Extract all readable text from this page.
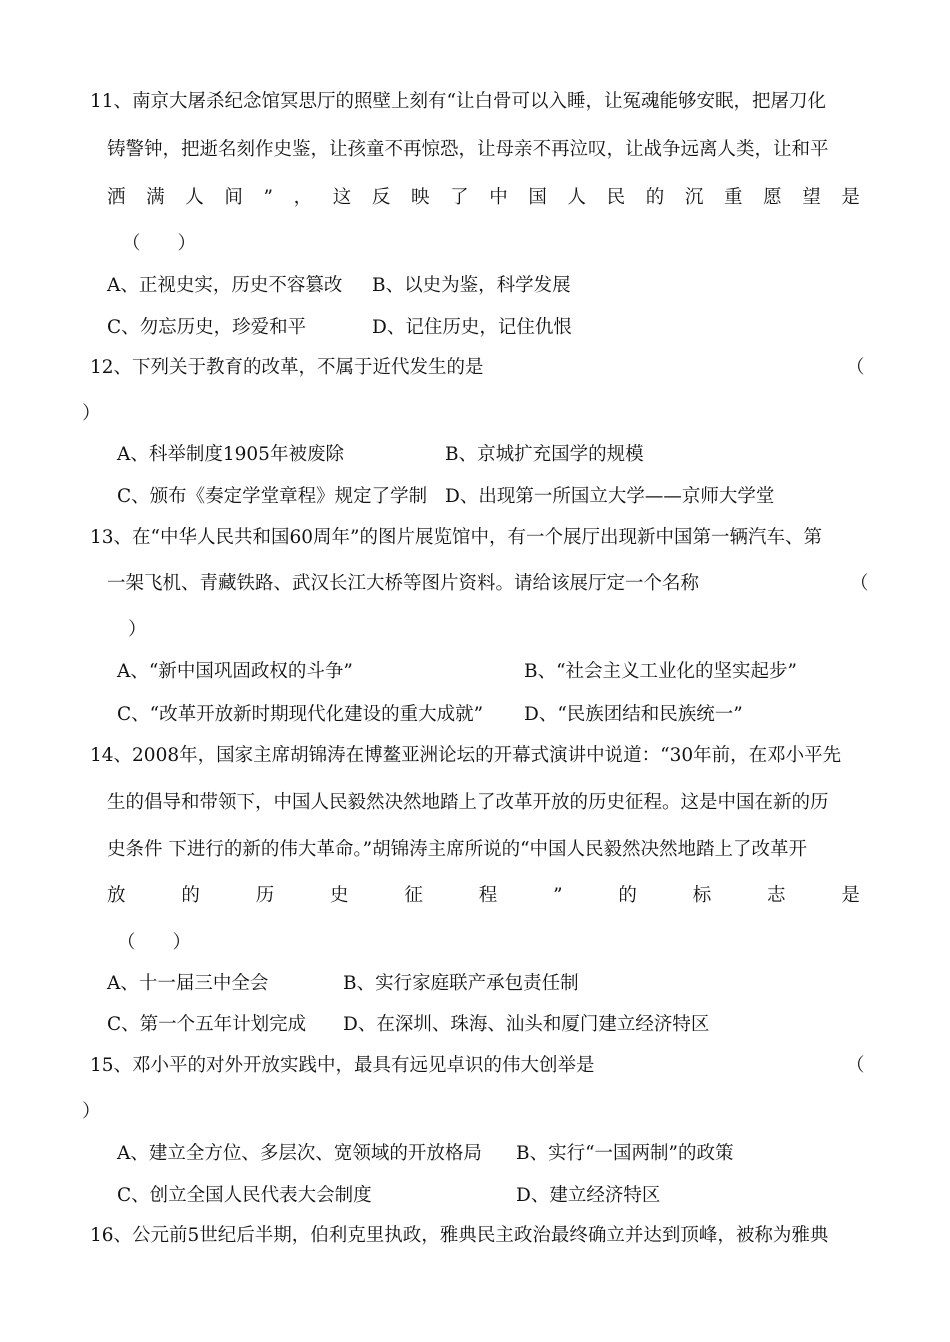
11、南京大屠杀纪念馆冥思厅的照壁上刻有“让白骨可以入睡，让冤魂能够安眠，把屠刀化
铸警钟，把逝名刻作史鉴，让孩童不再惊恐，让母亲不再泣叹，让战争远离人类，让和平
洒 满 人 间 ” ， 这 反 映 了 中 国 人 民 的 沉 重 愿 望 是
（　　）
A、正视史实，历史不容篡改 B、以史为鉴，科学发展
C、勿忘历史，珍爱和平	D、记住历史，记住仇恨
12、下列关于教育的改革，不属于近代发生的是	（
）
A、科举制度1905年被废除	B、京城扩充国学的规模
C、颁布《奏定学堂章程》规定了学制 D、出现第一所国立大学——京师大学堂
13、在“中华人民共和国60周年”的图片展览馆中，有一个展厅出现新中国第一辆汽车、第
一架飞机、青藏铁路、武汉长江大桥等图片资料。请给该展厅定一个名称	（
）
A、“新中国巩固政权的斗争”	B、“社会主义工业化的坚实起步”
C、“改革开放新时期现代化建设的重大成就” D、“民族团结和民族统一”
14、2008年，国家主席胡锦涛在博鳌亚洲论坛的开幕式演讲中说道：“30年前，在邓小平先
生的倡导和带领下，中国人民毅然决然地踏上了改革开放的历史征程。这是中国在新的历
史条件 下进行的新的伟大革命。”胡锦涛主席所说的“中国人民毅然决然地踏上了改革开
放	的	历	史	征	程	”	的	标	志	是
（　　）
A、十一届三中全会	B、实行家庭联产承包责任制
C、第一个五年计划完成 D、在深圳、珠海、汕头和厦门建立经济特区
15、邓小平的对外开放实践中，最具有远见卓识的伟大创举是	（
）
A、建立全方位、多层次、宽领域的开放格局 B、实行“一国两制”的政策
C、创立全国人民代表大会制度	D、建立经济特区
16、公元前5世纪后半期，伯利克里执政，雅典民主政治最终确立并达到顶峰，被称为雅典
